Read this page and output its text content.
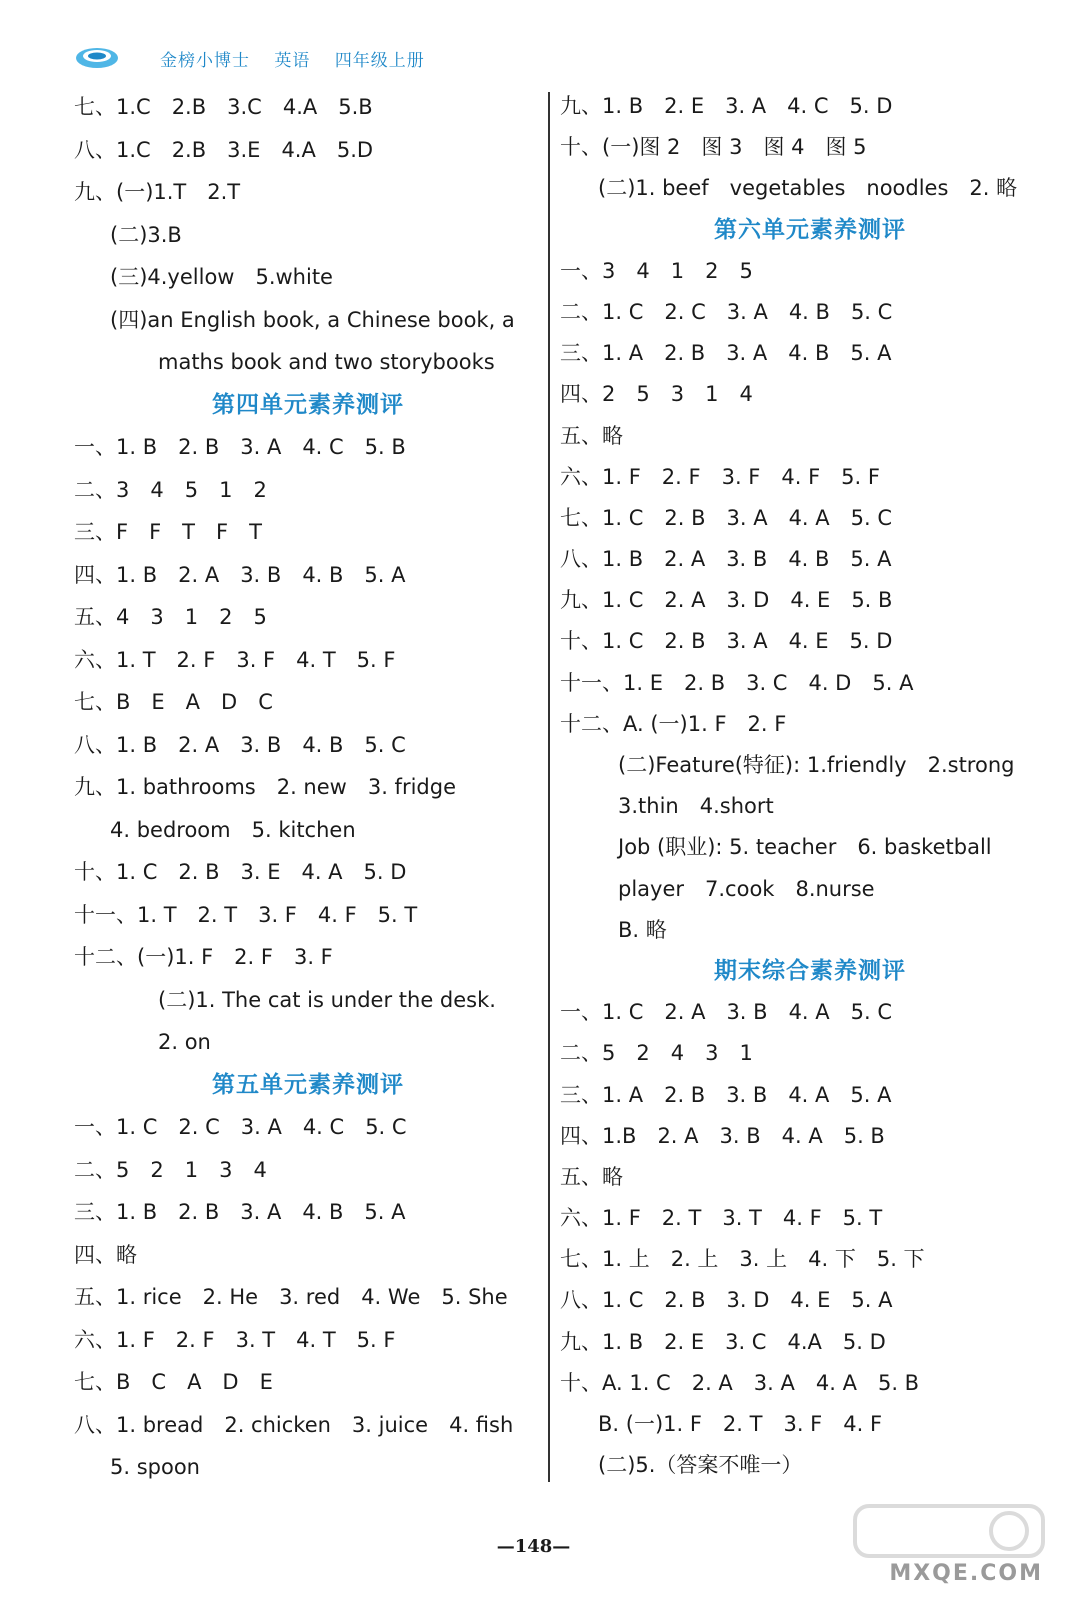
金榜小博士 英语 四年级上册
七、1.C　2.B　3.C　4.A　5.B
八、1.C　2.B　3.E　4.A　5.D
九、(一)1.T　2.T
(二)3.B
(三)4.yellow　5.white
(四)an English book, a Chinese book, a
maths book and two storybooks
第四单元素养测评
一、1. B　2. B　3. A　4. C　5. B
二、3　4　5　1　2
三、F　F　T　F　T
四、1. B　2. A　3. B　4. B　5. A
五、4　3　1　2　5
六、1. T　2. F　3. F　4. T　5. F
七、B　E　A　D　C
八、1. B　2. A　3. B　4. B　5. C
九、1. bathrooms　2. new　3. fridge
4. bedroom　5. kitchen
十、1. C　2. B　3. E　4. A　5. D
十一、1. T　2. T　3. F　4. F　5. T
十二、(一)1. F　2. F　3. F
(二)1. The cat is under the desk.
2. on
第五单元素养测评
一、1. C　2. C　3. A　4. C　5. C
二、5　2　1　3　4
三、1. B　2. B　3. A　4. B　5. A
四、略
五、1. rice　2. He　3. red　4. We　5. She
六、1. F　2. F　3. T　4. T　5. F
七、B　C　A　D　E
八、1. bread　2. chicken　3. juice　4. fish
5. spoon
九、1. B　2. E　3. A　4. C　5. D
十、(一)图 2　图 3　图 4　图 5
(二)1. beef　vegetables　noodles　2. 略
第六单元素养测评
一、3　4　1　2　5
二、1. C　2. C　3. A　4. B　5. C
三、1. A　2. B　3. A　4. B　5. A
四、2　5　3　1　4
五、略
六、1. F　2. F　3. F　4. F　5. F
七、1. C　2. B　3. A　4. A　5. C
八、1. B　2. A　3. B　4. B　5. A
九、1. C　2. A　3. D　4. E　5. B
十、1. C　2. B　3. A　4. E　5. D
十一、1. E　2. B　3. C　4. D　5. A
十二、A. (一)1. F　2. F
(二)Feature(特征): 1.friendly　2.strong
3.thin　4.short
Job (职业): 5. teacher　6. basketball
player　7.cook　8.nurse
B. 略
期末综合素养测评
一、1. C　2. A　3. B　4. A　5. C
二、5　2　4　3　1
三、1. A　2. B　3. B　4. A　5. A
四、1.B　2. A　3. B　4. A　5. B
五、略
六、1. F　2. T　3. T　4. F　5. T
七、1. 上　2. 上　3. 上　4. 下　5. 下
八、1. C　2. B　3. D　4. E　5. A
九、1. B　2. E　3. C　4.A　5. D
十、A. 1. C　2. A　3. A　4. A　5. B
B. (一)1. F　2. T　3. F　4. F
(二)5.（答案不唯一）
—148—
MXQE.COM
